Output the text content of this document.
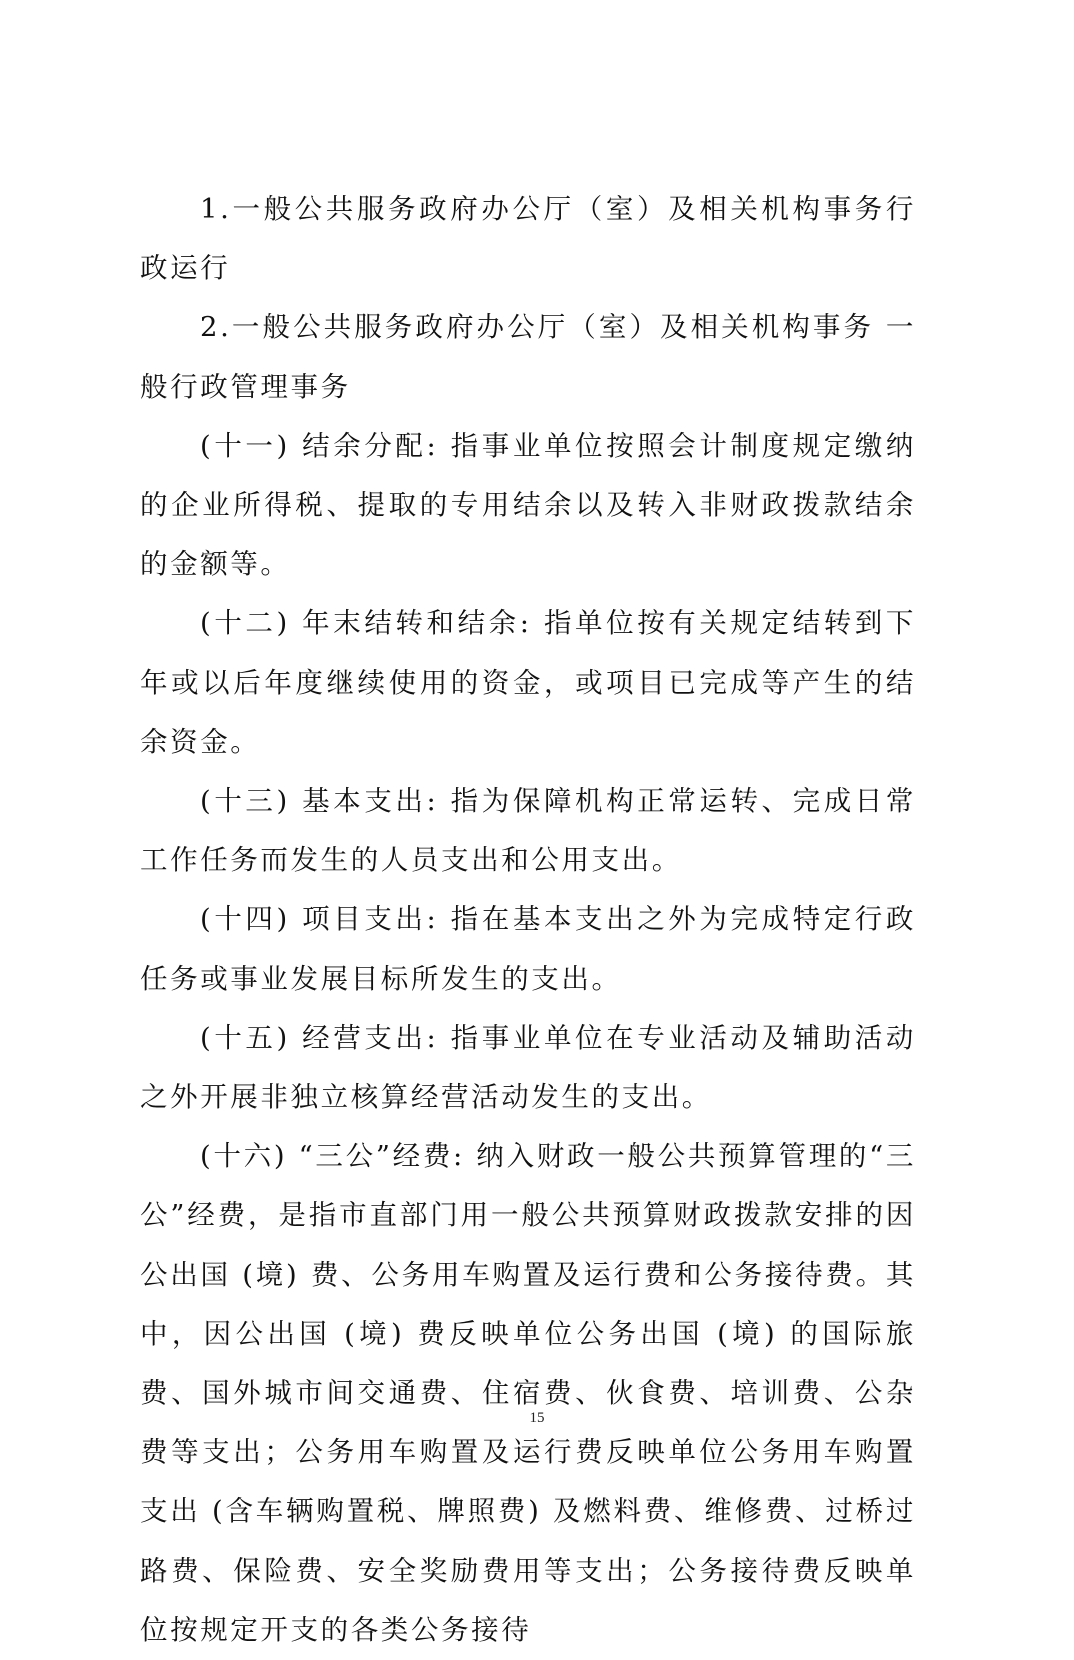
1.一般公共服务政府办公厅（室）及相关机构事务行政运行

2.一般公共服务政府办公厅（室）及相关机构事务 一般行政管理事务

(十一) 结余分配: 指事业单位按照会计制度规定缴纳的企业所得税、提取的专用结余以及转入非财政拨款结余的金额等。

(十二) 年末结转和结余: 指单位按有关规定结转到下年或以后年度继续使用的资金，或项目已完成等产生的结余资金。

(十三) 基本支出: 指为保障机构正常运转、完成日常工作任务而发生的人员支出和公用支出。

(十四) 项目支出: 指在基本支出之外为完成特定行政任务或事业发展目标所发生的支出。

(十五) 经营支出: 指事业单位在专业活动及辅助活动之外开展非独立核算经营活动发生的支出。

(十六) “三公”经费: 纳入财政一般公共预算管理的“三公”经费，是指市直部门用一般公共预算财政拨款安排的因公出国 (境) 费、公务用车购置及运行费和公务接待费。其中，因公出国 (境) 费反映单位公务出国 (境) 的国际旅费、国外城市间交通费、住宿费、伙食费、培训费、公杂费等支出；公务用车购置及运行费反映单位公务用车购置支出 (含车辆购置税、牌照费) 及燃料费、维修费、过桥过路费、保险费、安全奖励费用等支出；公务接待费反映单位按规定开支的各类公务接待

15
